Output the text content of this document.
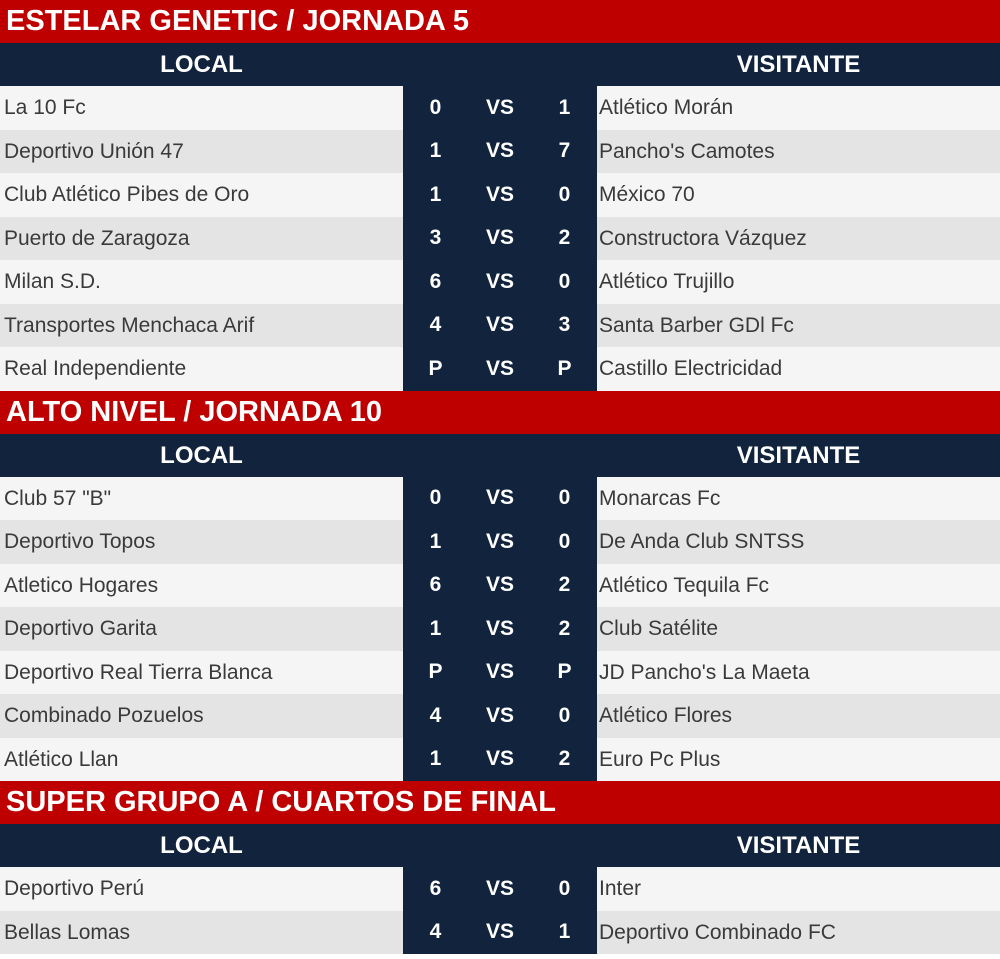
ESTELAR GENETIC / JORNADA 5
LOCAL	VISITANTE
La 10 Fc	0	VS	1	Atlético Morán
Deportivo Unión 47	1	VS	7	Pancho's Camotes
Club Atlético Pibes de Oro	1	VS	0	México 70
Puerto de Zaragoza	3	VS	2	Constructora Vázquez
Milan S.D.	6	VS	0	Atlético Trujillo
Transportes Menchaca Arif	4	VS	3	Santa Barber GDl Fc
Real Independiente	P	VS	P	Castillo Electricidad
ALTO NIVEL / JORNADA 10
LOCAL	VISITANTE
Club 57 "B"	0	VS	0	Monarcas Fc
Deportivo Topos	1	VS	0	De Anda Club SNTSS
Atletico Hogares	6	VS	2	Atlético Tequila Fc
Deportivo Garita	1	VS	2	Club Satélite
Deportivo Real Tierra Blanca	P	VS	P	JD Pancho's La Maeta
Combinado Pozuelos	4	VS	0	Atlético Flores
Atlético Llan	1	VS	2	Euro Pc Plus
SUPER GRUPO A / CUARTOS DE FINAL
LOCAL	VISITANTE
Deportivo Perú	6	VS	0	Inter
Bellas Lomas	4	VS	1	Deportivo Combinado FC
